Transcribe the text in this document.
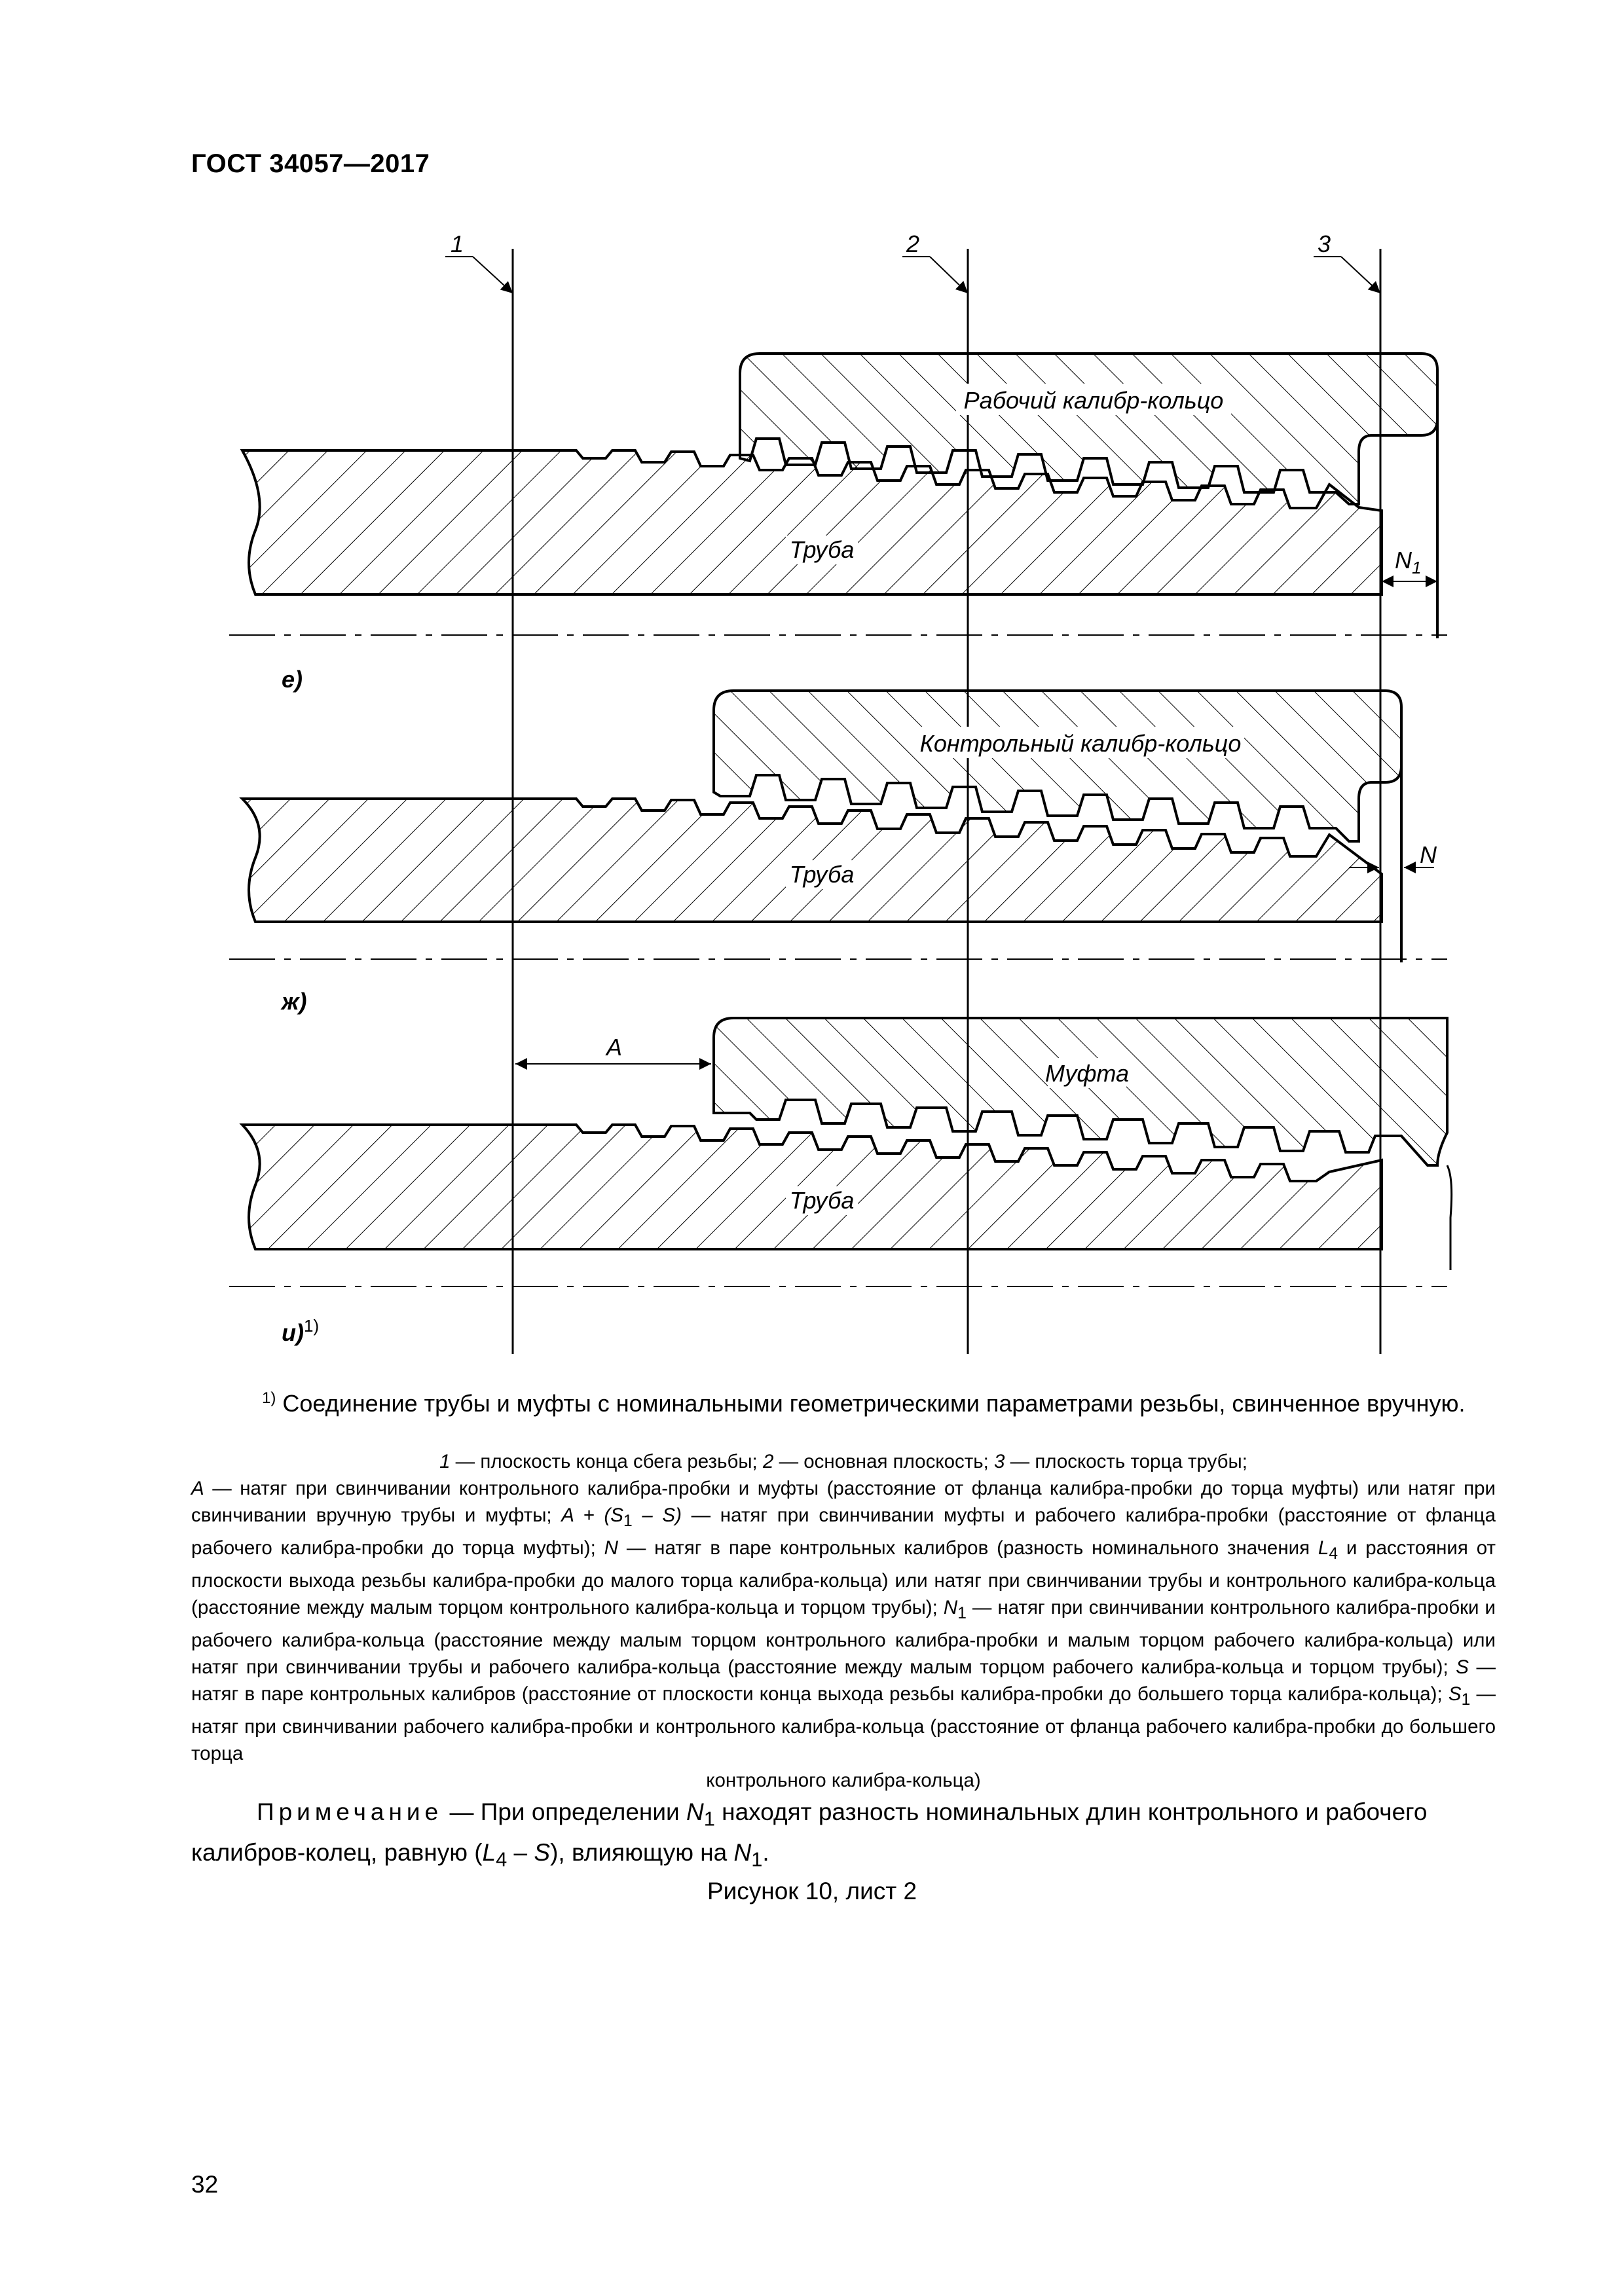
ГОСТ 34057—2017
1	2	3
Рабочий калибр-кольцо
Труба	$N_1$
е)
Контрольный калибр-кольцо
Труба
N
ж)
Муфта
Труба
A
и)$^{1)}$
$^{1)}$ Соединение трубы и муфты с номинальными геометрическими параметрами резьбы, свинченное вручную.
1 — плоскость конца сбега резьбы; 2 — основная плоскость; 3 — плоскость торца трубы;
A — натяг при свинчивании контрольного калибра-пробки и муфты (расстояние от фланца калибра-пробки до торца муфты) или натяг при свинчивании вручную трубы и муфты; $A + (S_1 - S)$ — натяг при свинчивании муфты и рабочего калибра-пробки (расстояние от фланца рабочего калибра-пробки до торца муфты); N — натяг в паре контрольных калибров (разность номинального значения $L_4$ и расстояния от плоскости выхода резьбы калибра-пробки до малого торца калибра-кольца) или натяг при свинчивании трубы и контрольного калибра-кольца (расстояние между малым торцом контрольного калибра-кольца и торцом трубы); $N_1$ — натяг при свинчивании контрольного калибра-пробки и рабочего калибра-кольца (расстояние между малым торцом контрольного калибра-пробки и малым торцом рабочего калибра-кольца) или натяг при свинчивании трубы и рабочего калибра-кольца (расстояние между малым торцом рабочего калибра-кольца и торцом трубы); S — натяг в паре контрольных калибров (расстояние от плоскости конца выхода резьбы калибра-пробки до большего торца калибра-кольца); $S_1$ — натяг при свинчивании рабочего калибра-пробки и контрольного калибра-кольца (расстояние от фланца рабочего калибра-пробки до большего торца
контрольного калибра-кольца)
Примечание — При определении $N_1$ находят разность номинальных длин контрольного и рабочего калибров-колец, равную $(L_4 - S)$, влияющую на $N_1$.
Рисунок 10, лист 2
32
